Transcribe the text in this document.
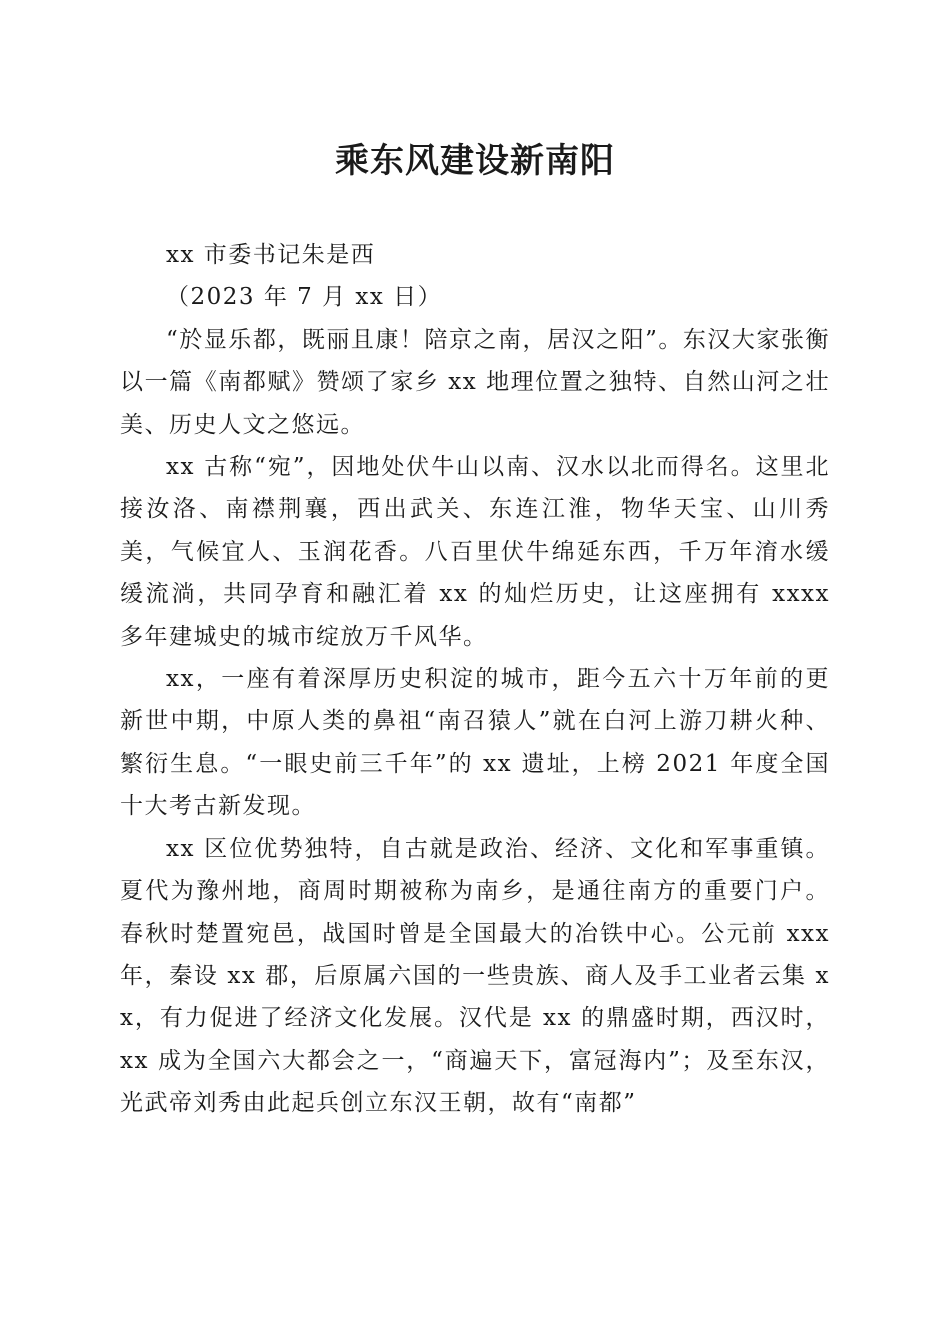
乘东风建设新南阳

xx 市委书记朱是西

（2023 年 7 月 xx 日）

“於显乐都，既丽且康！陪京之南，居汉之阳”。东汉大家张衡以一篇《南都赋》赞颂了家乡 xx 地理位置之独特、自然山河之壮美、历史人文之悠远。

xx 古称“宛”，因地处伏牛山以南、汉水以北而得名。这里北接汝洛、南襟荆襄，西出武关、东连江淮，物华天宝、山川秀美，气候宜人、玉润花香。八百里伏牛绵延东西，千万年淯水缓缓流淌，共同孕育和融汇着 xx 的灿烂历史，让这座拥有 xxxx 多年建城史的城市绽放万千风华。

xx，一座有着深厚历史积淀的城市，距今五六十万年前的更新世中期，中原人类的鼻祖“南召猿人”就在白河上游刀耕火种、繁衍生息。“一眼史前三千年”的 xx 遗址，上榜 2021 年度全国十大考古新发现。

xx 区位优势独特，自古就是政治、经济、文化和军事重镇。夏代为豫州地，商周时期被称为南乡，是通往南方的重要门户。春秋时楚置宛邑，战国时曾是全国最大的冶铁中心。公元前 xxx 年，秦设 xx 郡，后原属六国的一些贵族、商人及手工业者云集 xx，有力促进了经济文化发展。汉代是 xx 的鼎盛时期，西汉时，xx 成为全国六大都会之一，“商遍天下，富冠海内”；及至东汉，光武帝刘秀由此起兵创立东汉王朝，故有“南都”
